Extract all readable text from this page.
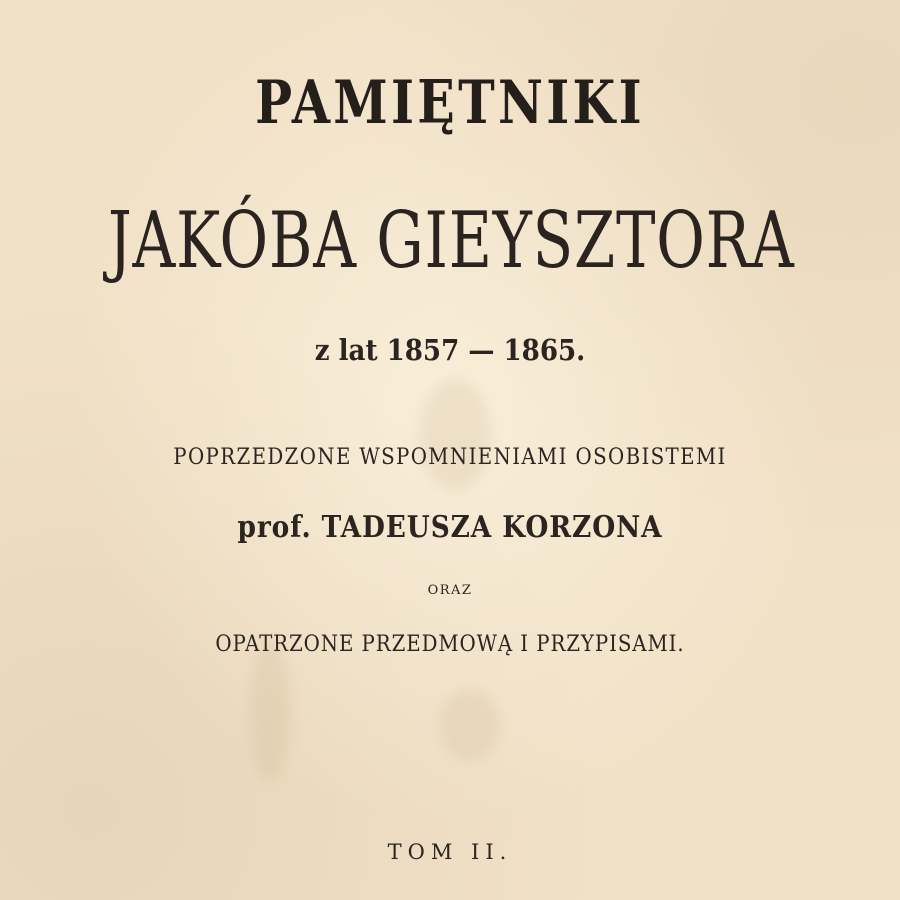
PAMIĘTNIKI
JAKÓBA GIEYSZTORA
z lat 1857 — 1865.
POPRZEDZONE WSPOMNIENIAMI OSOBISTEMI
prof. TADEUSZA KORZONA
ORAZ
OPATRZONE PRZEDMOWĄ I PRZYPISAMI.
TOM II.
